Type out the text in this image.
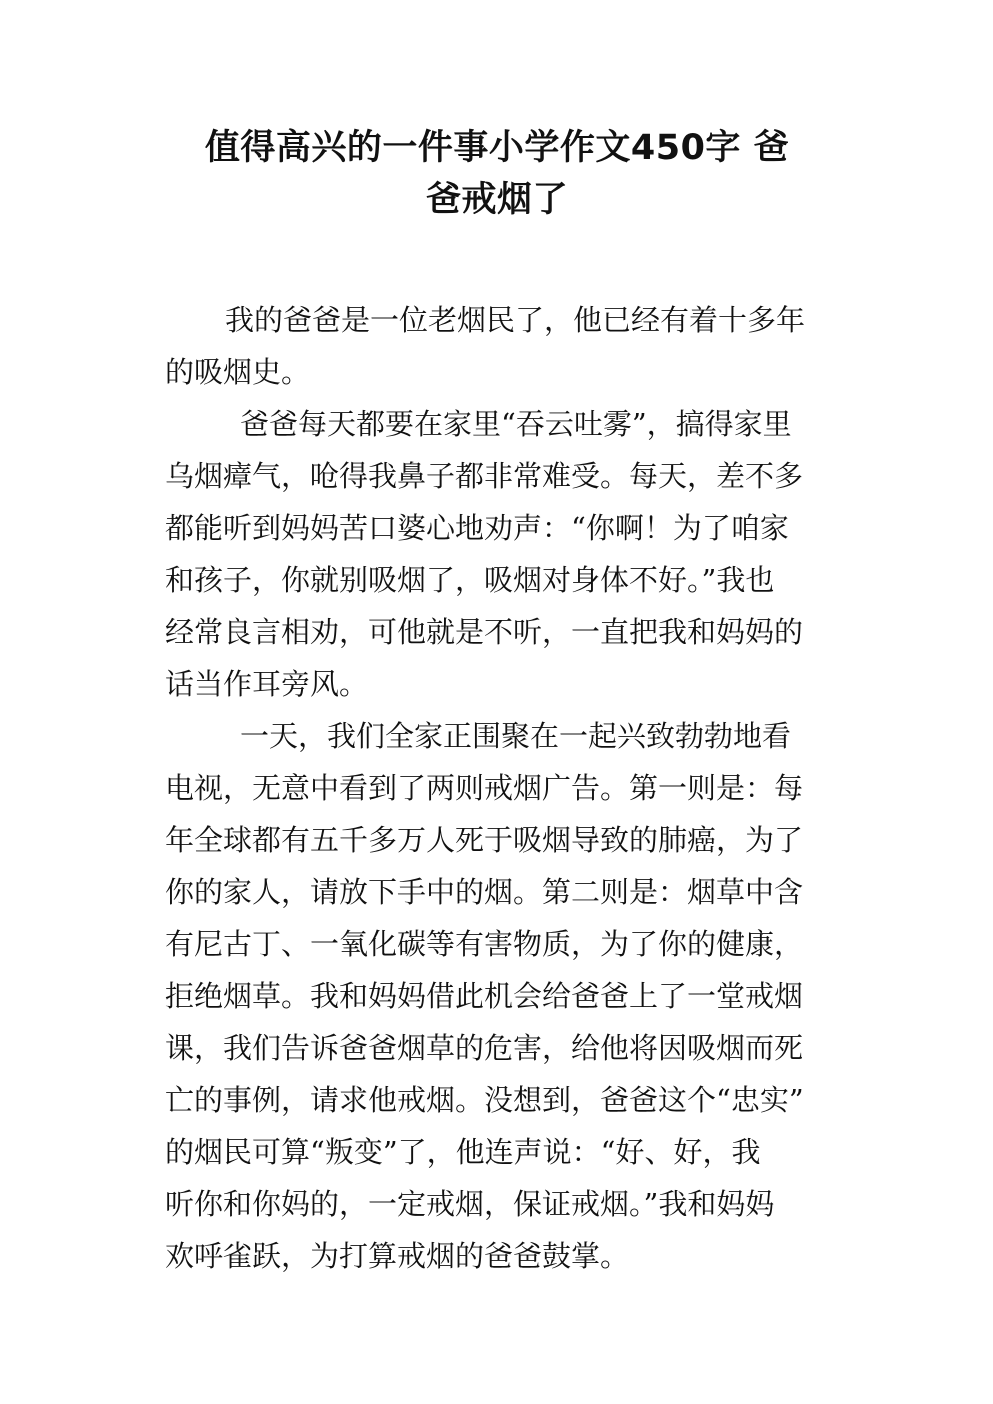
值得高兴的一件事小学作文450字 爸
爸戒烟了
我的爸爸是一位老烟民了，他已经有着十多年
的吸烟史。
爸爸每天都要在家里“吞云吐雾”，搞得家里
乌烟瘴气，呛得我鼻子都非常难受。每天，差不多
都能听到妈妈苦口婆心地劝声：“你啊！为了咱家
和孩子，你就别吸烟了，吸烟对身体不好。”我也
经常良言相劝，可他就是不听，一直把我和妈妈的
话当作耳旁风。
一天，我们全家正围聚在一起兴致勃勃地看
电视，无意中看到了两则戒烟广告。第一则是：每
年全球都有五千多万人死于吸烟导致的肺癌，为了
你的家人，请放下手中的烟。第二则是：烟草中含
有尼古丁、一氧化碳等有害物质，为了你的健康，
拒绝烟草。我和妈妈借此机会给爸爸上了一堂戒烟
课，我们告诉爸爸烟草的危害，给他将因吸烟而死
亡的事例，请求他戒烟。没想到，爸爸这个“忠实”
的烟民可算“叛变”了，他连声说：“好、好，我
听你和你妈的，一定戒烟，保证戒烟。”我和妈妈
欢呼雀跃，为打算戒烟的爸爸鼓掌。
